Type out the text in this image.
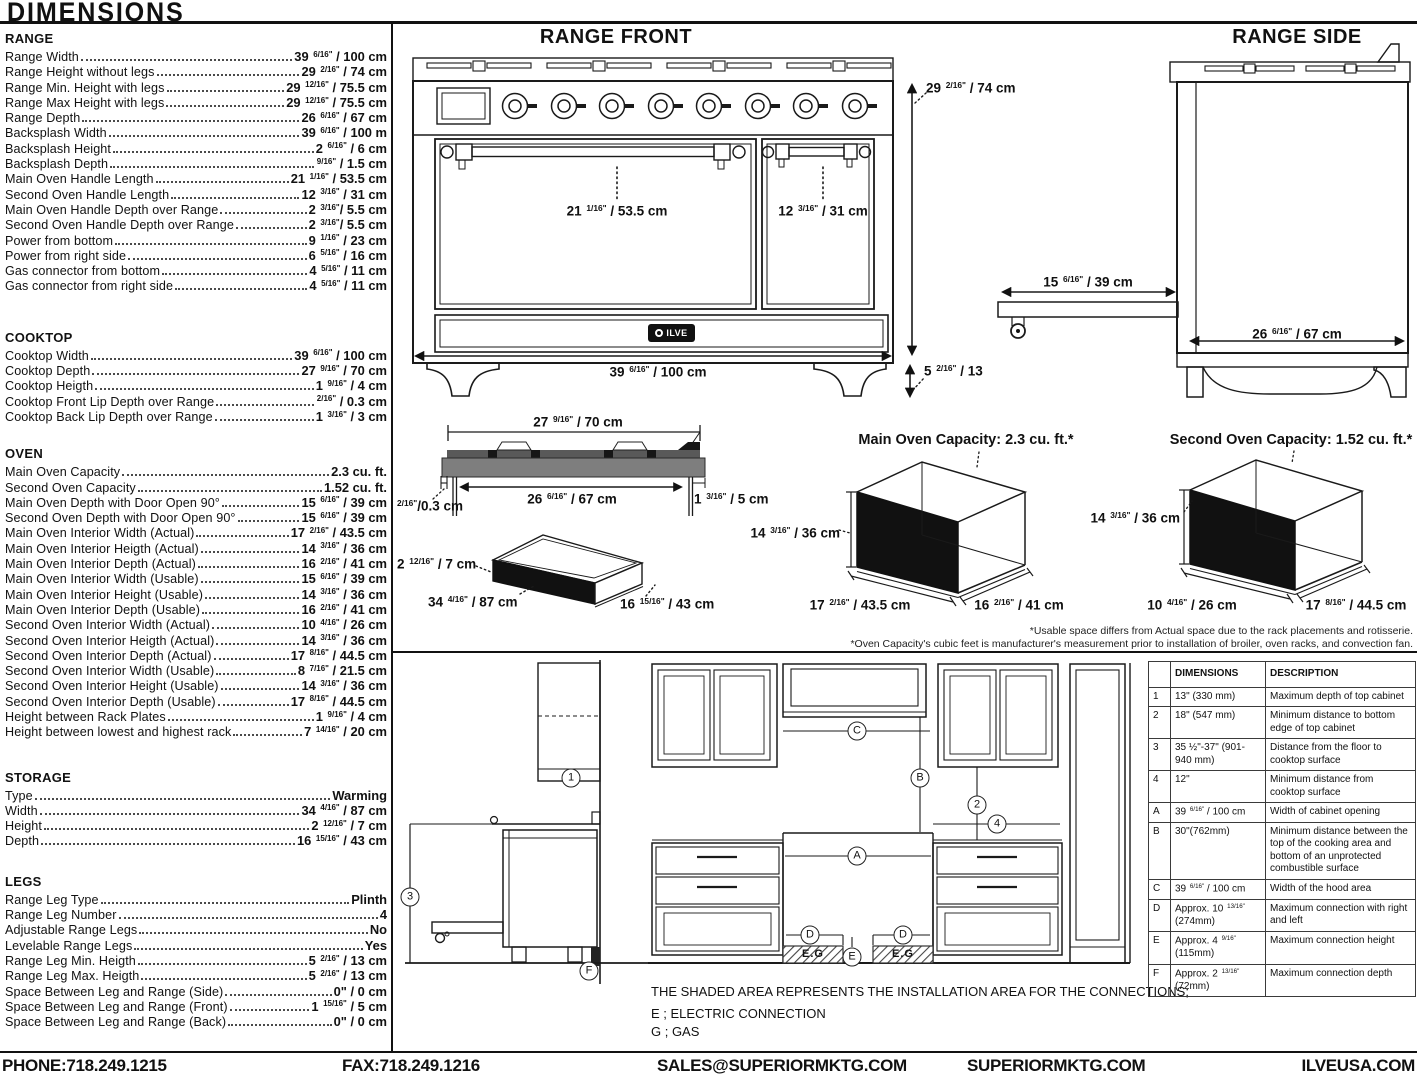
DIMENSIONS
RANGE
Range Width	39 $^{6/16"}$ / 100 cm
Range Height without legs	29 $^{2/16"}$ / 74 cm
Range Min. Height with legs	29 $^{12/16"}$ / 75.5 cm
Range Max Height with legs	29 $^{12/16"}$ / 75.5 cm
Range Depth	26 $^{6/16"}$ / 67 cm
Backsplash Width	39 $^{6/16"}$ / 100 m
Backsplash Height	2 $^{6/16"}$ / 6 cm
Backsplash Depth	$^{9/16"}$ / 1.5 cm
Main Oven Handle Length	21 $^{1/16"}$ / 53.5 cm
Second Oven Handle Length	12 $^{3/16"}$ / 31 cm
Main Oven Handle Depth over Range	2 $^{3/16"}$/ 5.5 cm
Second Oven Handle Depth over Range	2 $^{3/16"}$/ 5.5 cm
Power from bottom	9 $^{1/16"}$ / 23 cm
Power from right side	6 $^{5/16"}$ / 16 cm
Gas connector from bottom	4 $^{5/16"}$ / 11 cm
Gas connector from right side	4 $^{5/16"}$ / 11 cm
COOKTOP
Cooktop Width	39 $^{6/16"}$ / 100 cm
Cooktop Depth	27 $^{9/16"}$ / 70 cm
Cooktop Heigth	1 $^{9/16"}$ / 4 cm
Cooktop Front Lip Depth over Range	$^{2/16"}$ / 0.3 cm
Cooktop Back Lip Depth over Range	1 $^{3/16"}$ / 3 cm
OVEN
Main Oven Capacity	2.3 cu. ft.
Second Oven Capacity	1.52 cu. ft.
Main Oven Depth with Door Open 90°	15 $^{6/16"}$ / 39 cm
Second Oven Depth with Door Open 90°	15 $^{6/16"}$ / 39 cm
Main Oven Interior Width (Actual)	17 $^{2/16"}$ / 43.5 cm
Main Oven Interior Heigth (Actual)	14 $^{3/16"}$ / 36 cm
Main Oven Interior Depth (Actual)	16 $^{2/16"}$ / 41 cm
Main Oven Interior Width (Usable)	15 $^{6/16"}$ / 39 cm
Main Oven Interior Height (Usable)	14 $^{3/16"}$ / 36 cm
Main Oven Interior Depth (Usable)	16 $^{2/16"}$ / 41 cm
Second Oven Interior Width (Actual)	10 $^{4/16"}$ / 26 cm
Second Oven Interior Heigth (Actual)	14 $^{3/16"}$ / 36 cm
Second Oven Interior Depth (Actual)	17 $^{8/16"}$ / 44.5 cm
Second Oven Interior Width (Usable)	8 $^{7/16"}$ / 21.5 cm
Second Oven Interior Height (Usable)	14 $^{3/16"}$ / 36 cm
Second Oven Interior Depth (Usable)	17 $^{8/16"}$ / 44.5 cm
Height between Rack Plates	1 $^{9/16"}$ / 4 cm
Height between lowest and highest rack	7 $^{14/16"}$ / 20 cm
STORAGE
Type	Warming
Width	34 $^{4/16"}$ / 87 cm
Height	2 $^{12/16"}$ / 7 cm
Depth	16 $^{15/16"}$ / 43 cm
LEGS
Range Leg Type	Plinth
Range Leg Number	4
Adjustable Range Legs	No
Levelable Range Legs	Yes
Range Leg Min. Heigth	5 $^{2/16"}$ / 13 cm
Range Leg Max. Heigth	5 $^{2/16"}$ / 13 cm
Space Between Leg and Range (Side)	0" / 0 cm
Space Between Leg and Range (Front)	1 $^{15/16"}$ / 5 cm
Space Between Leg and Range (Back)	0" / 0 cm
RANGE FRONT	RANGE SIDE
21 $^{1/16"}$ / 53.5 cm	12 $^{3/16"}$ / 31 cm
39 $^{6/16"}$ / 100 cm
29 $^{2/16"}$ / 74 cm
5 $^{2/16"}$ / 13
ILVE
15 $^{6/16"}$ / 39 cm
26 $^{6/16"}$ / 67 cm
27 $^{9/16"}$ / 70 cm
26 $^{6/16"}$ / 67 cm
$^{2/16"}$/0.3 cm	1 $^{3/16"}$ / 5 cm
2 $^{12/16"}$ / 7 cm
34 $^{4/16"}$ / 87 cm	16 $^{15/16"}$ / 43 cm
Main Oven Capacity: 2.3 cu. ft.*
14 $^{3/16"}$ / 36 cm
17 $^{2/16"}$ / 43.5 cm	16 $^{2/16"}$ / 41 cm
Second Oven Capacity: 1.52 cu. ft.*
14 $^{3/16"}$ / 36 cm
10 $^{4/16"}$ / 26 cm	17 $^{8/16"}$ / 44.5 cm
*Usable space differs from Actual space due to the rack placements and rotisserie.
*Oven Capacity's cubic feet is manufacturer's measurement prior to installation of broiler, oven racks, and convection fan.
1
3
F
C
B
2
4
A
D	D
E
E.G	E.G
THE SHADED AREA REPRESENTS THE INSTALLATION AREA FOR THE CONNECTIONS;
E ; ELECTRIC CONNECTION
G ; GAS
	DIMENSIONS	DESCRIPTION
1	13" (330 mm)	Maximum depth of top cabinet
2	18" (547 mm)	Minimum distance to bottom edge of top cabinet
3	35 ½"-37" (901-940 mm)	Distance from the floor to cooktop surface
4	12"	Minimum distance from cooktop surface
A	39 $^{6/16"}$ / 100 cm	Width of cabinet opening
B	30"(762mm)	Minimum distance between the top of the cooking area and bottom of an unprotected combustible surface
C	39 $^{6/16"}$ / 100 cm	Width of the hood area
D	Approx. 10 $^{13/16"}$ (274mm)	Maximum connection with right and left
E	Approx. 4 $^{9/16"}$ (115mm)	Maximum connection height
F	Approx. 2 $^{13/16"}$ (72mm)	Maximum connection depth
PHONE:718.249.1215	FAX:718.249.1216	SALES@SUPERIORMKTG.COM	SUPERIORMKTG.COM	ILVEUSA.COM
